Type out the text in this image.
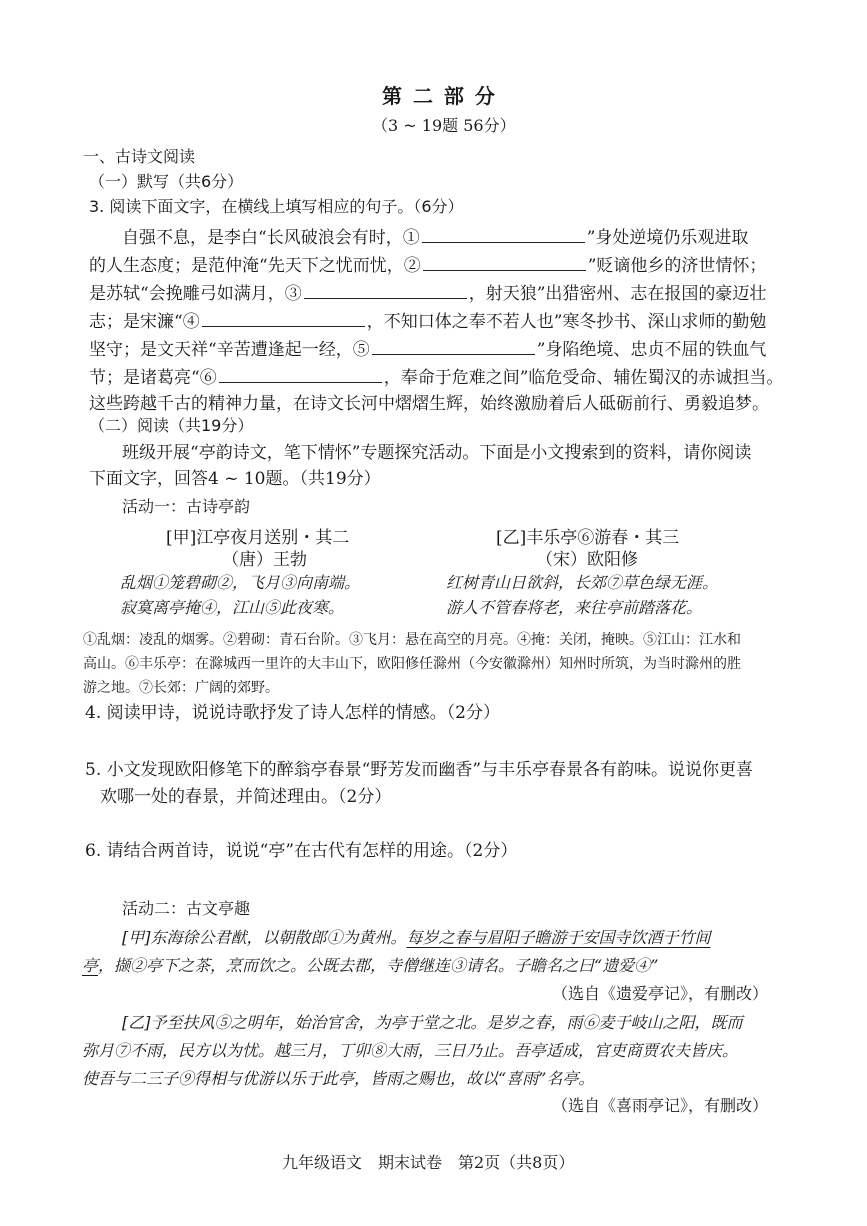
第 二 部 分
（3 ~ 19题 56分）
一、古诗文阅读
（一）默写（共6分）
3. 阅读下面文字，在横线上填写相应的句子。（6分）
自强不息，是李白“长风破浪会有时，①	”身处逆境仍乐观进取
的人生态度；是范仲淹“先天下之忧而忧，②	”贬谪他乡的济世情怀；
是苏轼“会挽雕弓如满月，③	，射天狼”出猎密州、志在报国的豪迈壮
志；是宋濂“④	，不知口体之奉不若人也”寒冬抄书、深山求师的勤勉
坚守；是文天祥“辛苦遭逢起一经，⑤	”身陷绝境、忠贞不屈的铁血气
节；是诸葛亮“⑥	，奉命于危难之间”临危受命、辅佐蜀汉的赤诚担当。
这些跨越千古的精神力量，在诗文长河中熠熠生辉，始终激励着后人砥砺前行、勇毅追梦。
（二）阅读（共19分）
班级开展“亭韵诗文，笔下情怀”专题探究活动。下面是小文搜索到的资料，请你阅读
下面文字，回答4 ~ 10题。（共19分）
活动一：古诗亭韵
[甲]江亭夜月送别・其二
（唐）王勃
乱烟①笼碧砌②，飞月③向南端。
寂寞离亭掩④，江山⑤此夜寒。
[乙]丰乐亭⑥游春・其三
（宋）欧阳修
红树青山日欲斜，长郊⑦草色绿无涯。
游人不管春将老，来往亭前踏落花。
①乱烟：凌乱的烟雾。②碧砌：青石台阶。③飞月：悬在高空的月亮。④掩：关闭，掩映。⑤江山：江水和
高山。⑥丰乐亭：在滁城西一里许的大丰山下，欧阳修任滁州（今安徽滁州）知州时所筑，为当时滁州的胜
游之地。⑦长郊：广阔的郊野。
4. 阅读甲诗，说说诗歌抒发了诗人怎样的情感。（2分）
5. 小文发现欧阳修笔下的醉翁亭春景“野芳发而幽香”与丰乐亭春景各有韵味。说说你更喜
欢哪一处的春景，并简述理由。（2分）
6. 请结合两首诗，说说“亭”在古代有怎样的用途。（2分）
活动二：古文亭趣
[甲]东海徐公君猷，以朝散郎①为黄州。每岁之春与眉阳子瞻游于安国寺饮酒于竹间
亭，撷②亭下之茶，烹而饮之。公既去郡，寺僧继连③请名。子瞻名之曰“遗爱④”
（选自《遗爱亭记》，有删改）
[乙]予至扶风⑤之明年，始治官舍，为亭于堂之北。是岁之春，雨⑥麦于岐山之阳，既而
弥月⑦不雨，民方以为忧。越三月，丁卯⑧大雨，三日乃止。吾亭适成，官吏商贾农夫皆庆。
使吾与二三子⑨得相与优游以乐于此亭，皆雨之赐也，故以“喜雨”名亭。
（选自《喜雨亭记》，有删改）
九年级语文　期末试卷　第2页（共8页）
